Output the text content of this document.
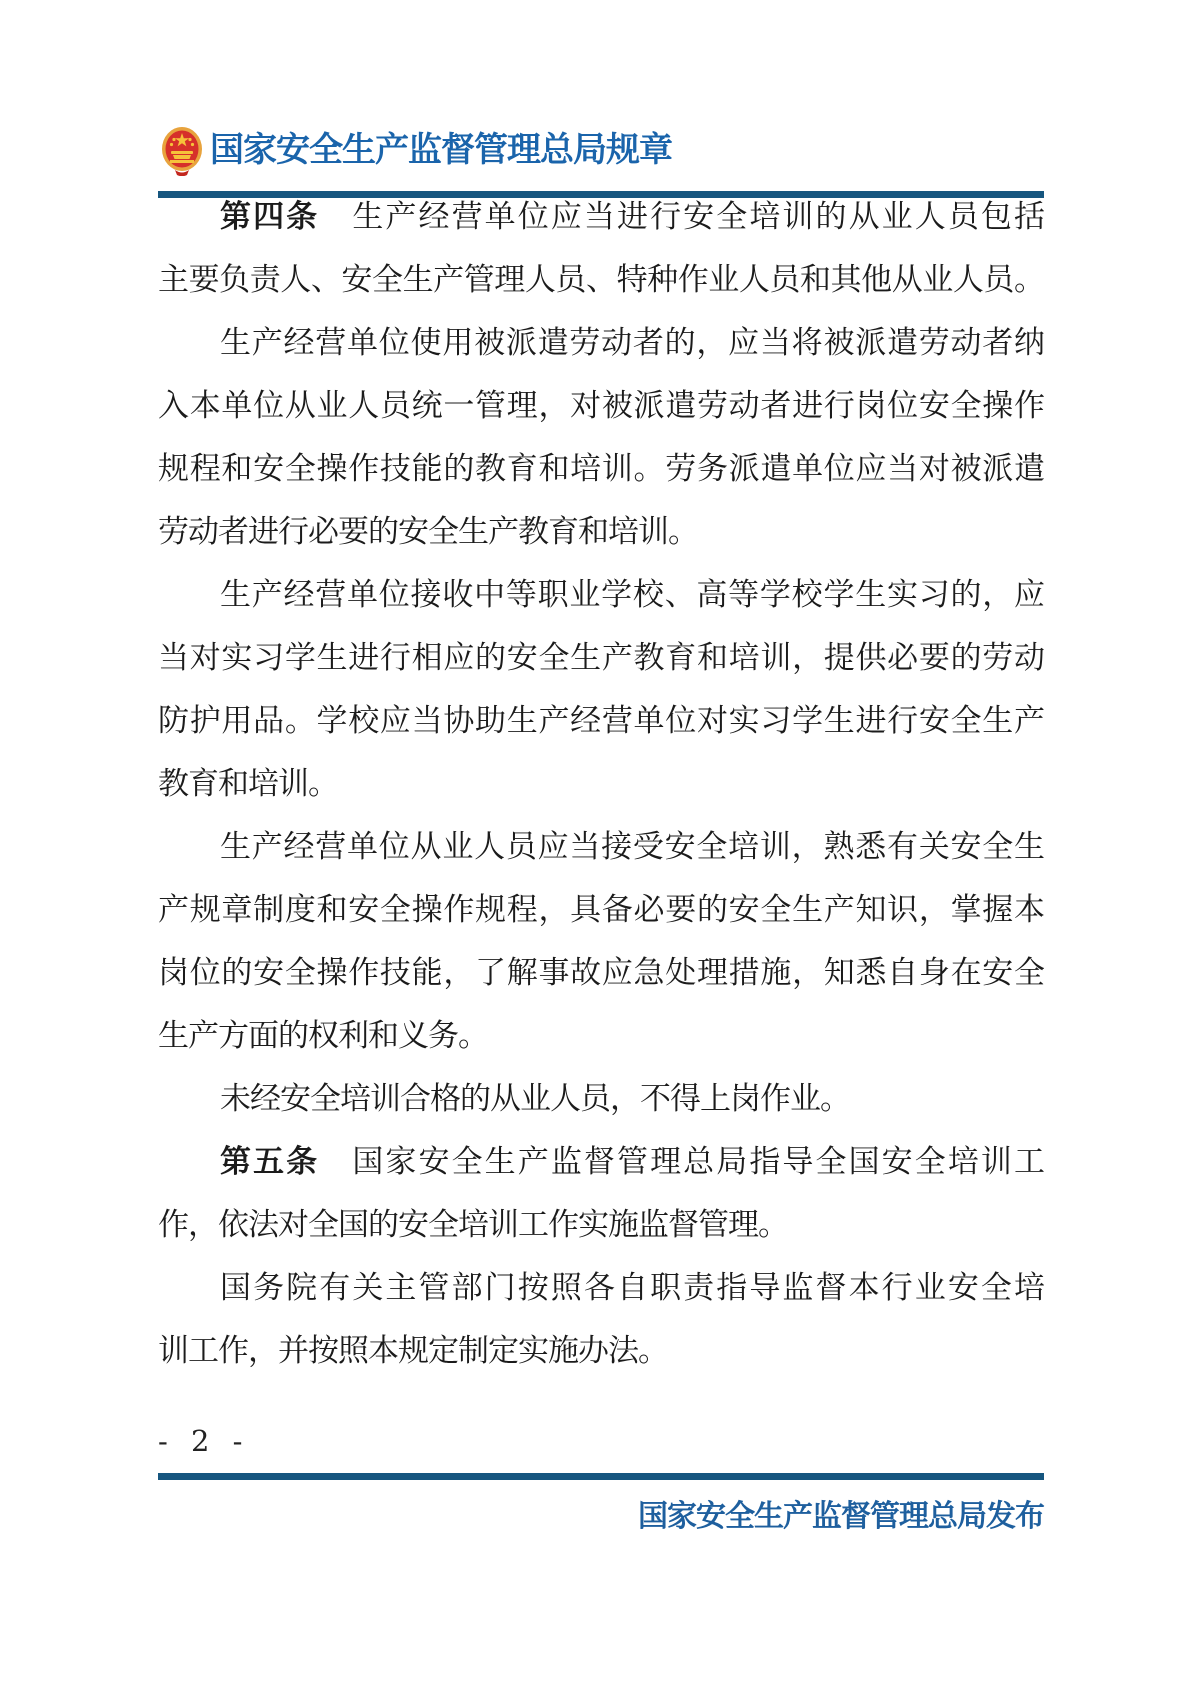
国家安全生产监督管理总局规章
第四条　生产经营单位应当进行安全培训的从业人员包括
主要负责人、安全生产管理人员、特种作业人员和其他从业人员。
生产经营单位使用被派遣劳动者的，应当将被派遣劳动者纳
入本单位从业人员统一管理，对被派遣劳动者进行岗位安全操作
规程和安全操作技能的教育和培训。劳务派遣单位应当对被派遣
劳动者进行必要的安全生产教育和培训。
生产经营单位接收中等职业学校、高等学校学生实习的，应
当对实习学生进行相应的安全生产教育和培训，提供必要的劳动
防护用品。学校应当协助生产经营单位对实习学生进行安全生产
教育和培训。
生产经营单位从业人员应当接受安全培训，熟悉有关安全生
产规章制度和安全操作规程，具备必要的安全生产知识，掌握本
岗位的安全操作技能，了解事故应急处理措施，知悉自身在安全
生产方面的权利和义务。
未经安全培训合格的从业人员，不得上岗作业。
第五条　国家安全生产监督管理总局指导全国安全培训工
作，依法对全国的安全培训工作实施监督管理。
国务院有关主管部门按照各自职责指导监督本行业安全培
训工作，并按照本规定制定实施办法。
- 2 -
国家安全生产监督管理总局发布
